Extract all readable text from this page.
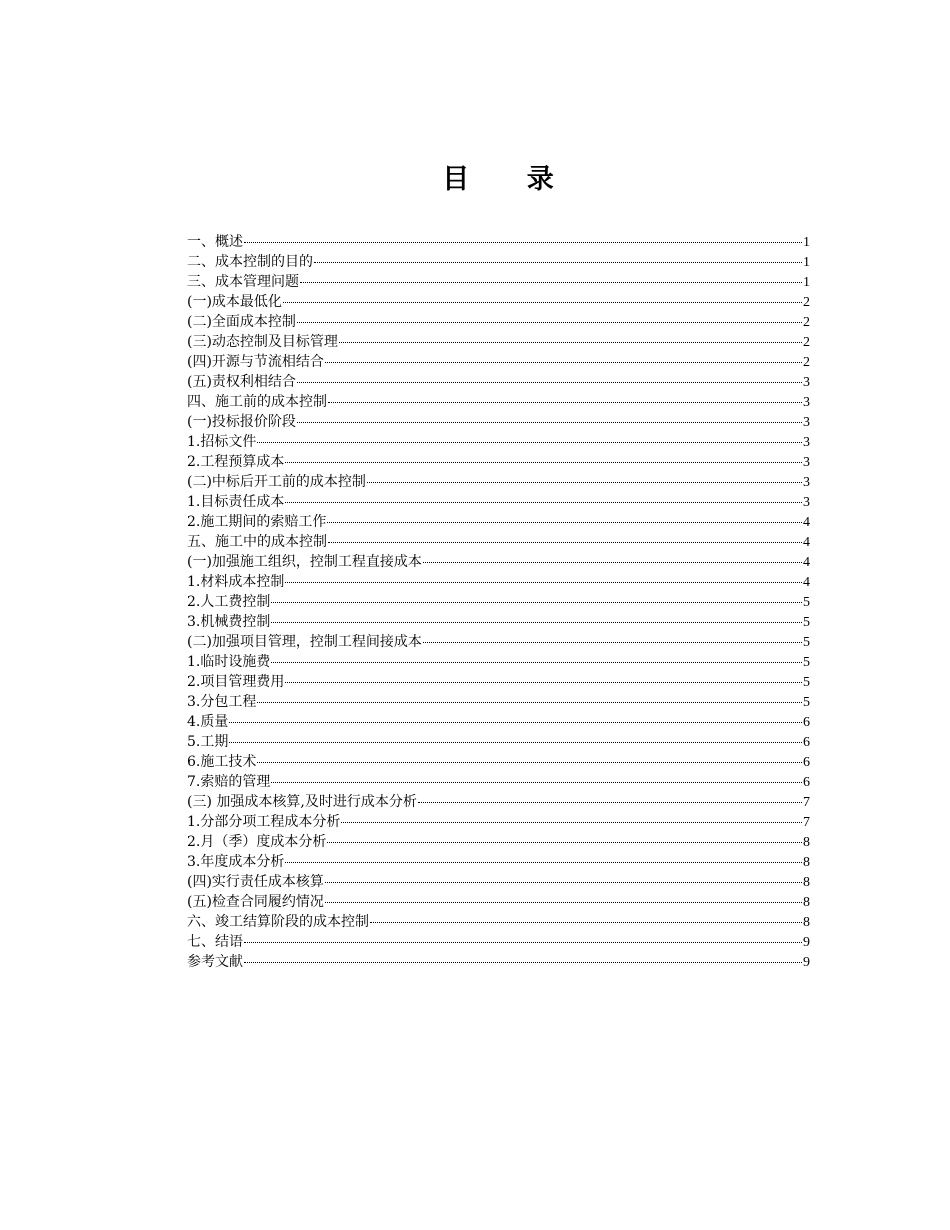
目 录
一、概述	1
二、成本控制的目的	1
三、成本管理问题	1
(一)成本最低化	2
(二)全面成本控制	2
(三)动态控制及目标管理	2
(四)开源与节流相结合	2
(五)责权利相结合	3
四、施工前的成本控制	3
(一)投标报价阶段	3
1.招标文件	3
2.工程预算成本	3
(二)中标后开工前的成本控制	3
1.目标责任成本	3
2.施工期间的索赔工作	4
五、施工中的成本控制	4
(一)加强施工组织，控制工程直接成本	4
1.材料成本控制	4
2.人工费控制	5
3.机械费控制	5
(二)加强项目管理，控制工程间接成本	5
1.临时设施费	5
2.项目管理费用	5
3.分包工程	5
4.质量	6
5.工期	6
6.施工技术	6
7.索赔的管理	6
(三) 加强成本核算,及时进行成本分析	7
1.分部分项工程成本分析	7
2.月（季）度成本分析	8
3.年度成本分析	8
(四)实行责任成本核算	8
(五)检查合同履约情况	8
六、竣工结算阶段的成本控制	8
七、结语	9
参考文献	9
